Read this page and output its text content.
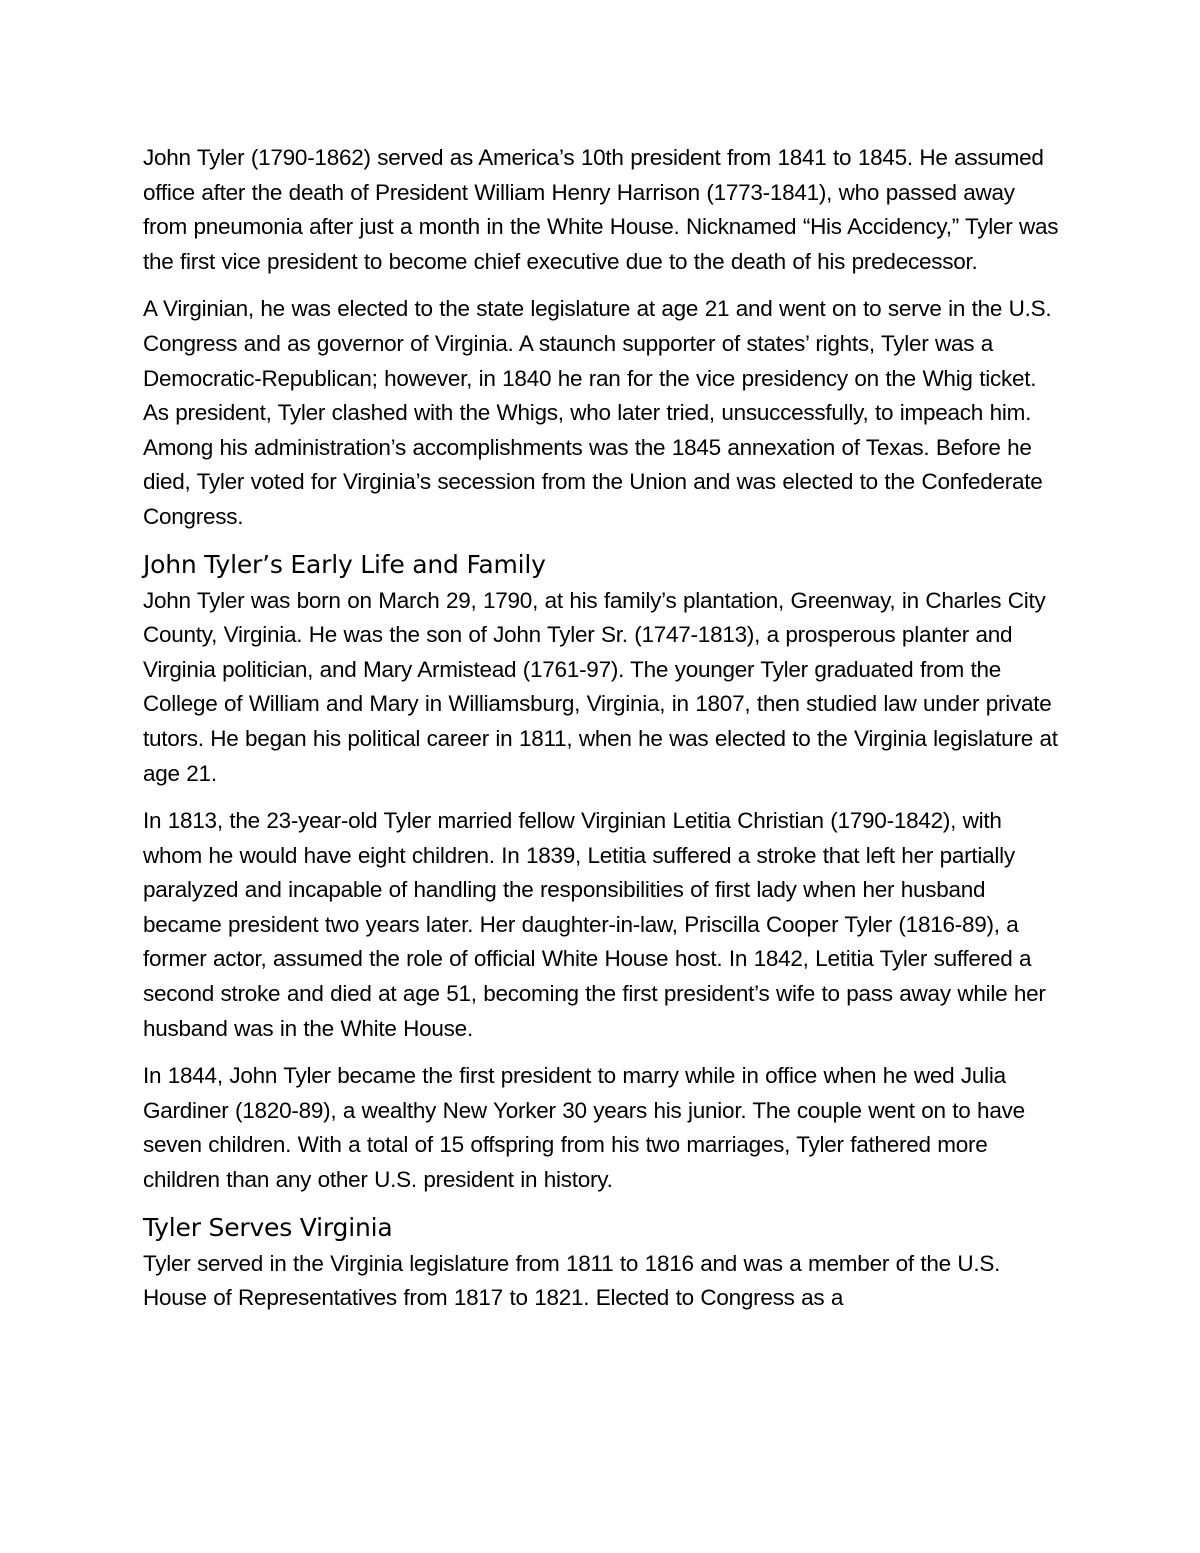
John Tyler (1790-1862) served as America’s 10th president from 1841 to 1845. He assumed office after the death of President William Henry Harrison (1773-1841), who passed away from pneumonia after just a month in the White House. Nicknamed “His Accidency,” Tyler was the first vice president to become chief executive due to the death of his predecessor.

A Virginian, he was elected to the state legislature at age 21 and went on to serve in the U.S. Congress and as governor of Virginia. A staunch supporter of states’ rights, Tyler was a Democratic-Republican; however, in 1840 he ran for the vice presidency on the Whig ticket. As president, Tyler clashed with the Whigs, who later tried, unsuccessfully, to impeach him. Among his administration’s accomplishments was the 1845 annexation of Texas. Before he died, Tyler voted for Virginia’s secession from the Union and was elected to the Confederate Congress.

John Tyler’s Early Life and Family

John Tyler was born on March 29, 1790, at his family’s plantation, Greenway, in Charles City County, Virginia. He was the son of John Tyler Sr. (1747-1813), a prosperous planter and Virginia politician, and Mary Armistead (1761-97). The younger Tyler graduated from the College of William and Mary in Williamsburg, Virginia, in 1807, then studied law under private tutors. He began his political career in 1811, when he was elected to the Virginia legislature at age 21.

In 1813, the 23-year-old Tyler married fellow Virginian Letitia Christian (1790-1842), with whom he would have eight children. In 1839, Letitia suffered a stroke that left her partially paralyzed and incapable of handling the responsibilities of first lady when her husband became president two years later. Her daughter-in-law, Priscilla Cooper Tyler (1816-89), a former actor, assumed the role of official White House host. In 1842, Letitia Tyler suffered a second stroke and died at age 51, becoming the first president’s wife to pass away while her husband was in the White House.

In 1844, John Tyler became the first president to marry while in office when he wed Julia Gardiner (1820-89), a wealthy New Yorker 30 years his junior. The couple went on to have seven children. With a total of 15 offspring from his two marriages, Tyler fathered more children than any other U.S. president in history.

Tyler Serves Virginia

Tyler served in the Virginia legislature from 1811 to 1816 and was a member of the U.S. House of Representatives from 1817 to 1821. Elected to Congress as a
